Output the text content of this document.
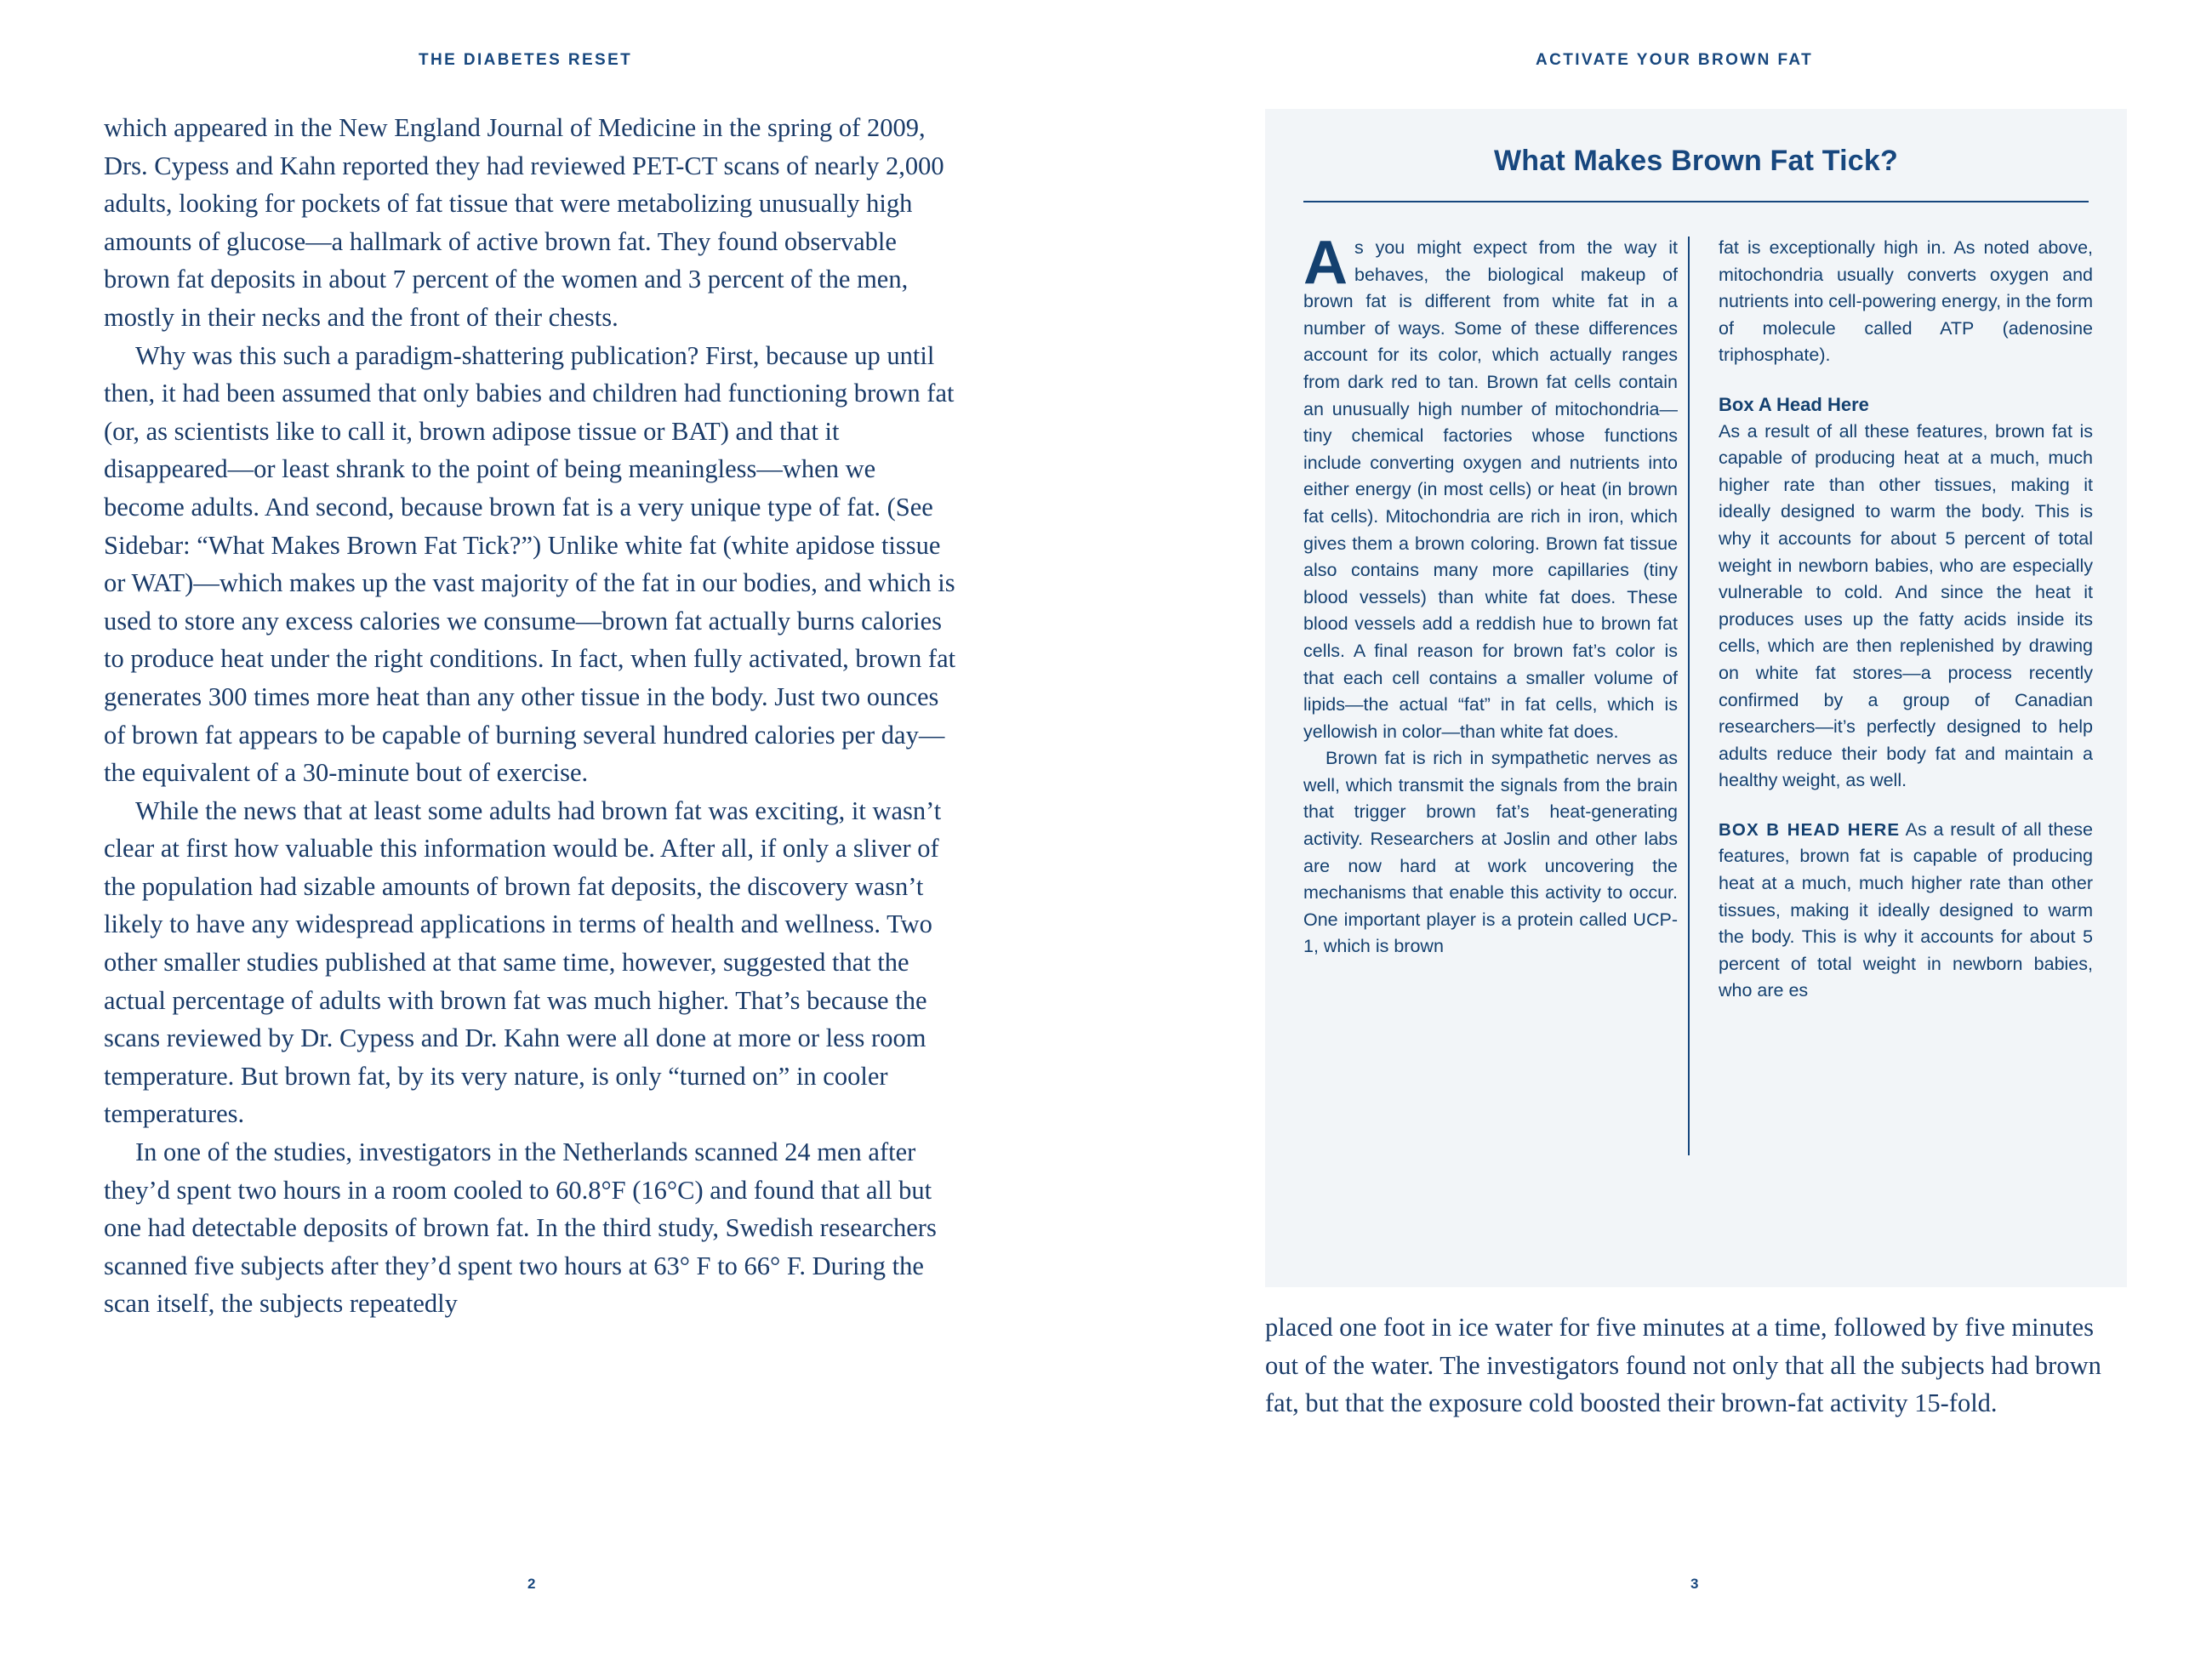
THE DIABETES RESET	ACTIVATE YOUR BROWN FAT

which appeared in the New England Journal of Medicine in the spring of 2009, Drs. Cypess and Kahn reported they had reviewed PET-CT scans of nearly 2,000 adults, looking for pockets of fat tissue that were metabolizing unusually high amounts of glucose—a hallmark of active brown fat. They found observable brown fat deposits in about 7 percent of the women and 3 percent of the men, mostly in their necks and the front of their chests.

Why was this such a paradigm-shattering publication? First, because up until then, it had been assumed that only babies and children had functioning brown fat (or, as scientists like to call it, brown adipose tissue or BAT) and that it disappeared—or least shrank to the point of being meaningless—when we become adults. And second, because brown fat is a very unique type of fat. (See Sidebar: “What Makes Brown Fat Tick?”) Unlike white fat (white apidose tissue or WAT)—which makes up the vast majority of the fat in our bodies, and which is used to store any excess calories we consume—brown fat actually burns calories to produce heat under the right conditions. In fact, when fully activated, brown fat generates 300 times more heat than any other tissue in the body. Just two ounces of brown fat appears to be capable of burning several hundred calories per day—the equivalent of a 30-minute bout of exercise.

While the news that at least some adults had brown fat was exciting, it wasn’t clear at first how valuable this information would be. After all, if only a sliver of the population had sizable amounts of brown fat deposits, the discovery wasn’t likely to have any widespread applications in terms of health and wellness. Two other smaller studies published at that same time, however, suggested that the actual percentage of adults with brown fat was much higher. That’s because the scans reviewed by Dr. Cypess and Dr. Kahn were all done at more or less room temperature. But brown fat, by its very nature, is only “turned on” in cooler temperatures.

In one of the studies, investigators in the Netherlands scanned 24 men after they’d spent two hours in a room cooled to 60.8°F (16°C) and found that all but one had detectable deposits of brown fat. In the third study, Swedish researchers scanned five subjects after they’d spent two hours at 63° F to 66° F. During the scan itself, the subjects repeatedly

What Makes Brown Fat Tick?

As you might expect from the way it behaves, the biological makeup of brown fat is different from white fat in a number of ways. Some of these differences account for its color, which actually ranges from dark red to tan. Brown fat cells contain an unusually high number of mitochondria—tiny chemical factories whose functions include converting oxygen and nutrients into either energy (in most cells) or heat (in brown fat cells). Mitochondria are rich in iron, which gives them a brown coloring. Brown fat tissue also contains many more capillaries (tiny blood vessels) than white fat does. These blood vessels add a reddish hue to brown fat cells. A final reason for brown fat’s color is that each cell contains a smaller volume of lipids—the actual “fat” in fat cells, which is yellowish in color—than white fat does.

Brown fat is rich in sympathetic nerves as well, which transmit the signals from the brain that trigger brown fat’s heat-generating activity. Researchers at Joslin and other labs are now hard at work uncovering the mechanisms that enable this activity to occur. One important player is a protein called UCP-1, which is brown

fat is exceptionally high in. As noted above, mitochondria usually converts oxygen and nutrients into cell-powering energy, in the form of molecule called ATP (adenosine triphosphate).

Box A Head Here

As a result of all these features, brown fat is capable of producing heat at a much, much higher rate than other tissues, making it ideally designed to warm the body. This is why it accounts for about 5 percent of total weight in newborn babies, who are especially vulnerable to cold. And since the heat it produces uses up the fatty acids inside its cells, which are then replenished by drawing on white fat stores—a process recently confirmed by a group of Canadian researchers—it’s perfectly designed to help adults reduce their body fat and maintain a healthy weight, as well.

BOX B HEAD HERE As a result of all these features, brown fat is capable of producing heat at a much, much higher rate than other tissues, making it ideally designed to warm the body. This is why it accounts for about 5 percent of total weight in newborn babies, who are es

placed one foot in ice water for five minutes at a time, followed by five minutes out of the water. The investigators found not only that all the subjects had brown fat, but that the exposure cold boosted their brown-fat activity 15-fold.

2	3
